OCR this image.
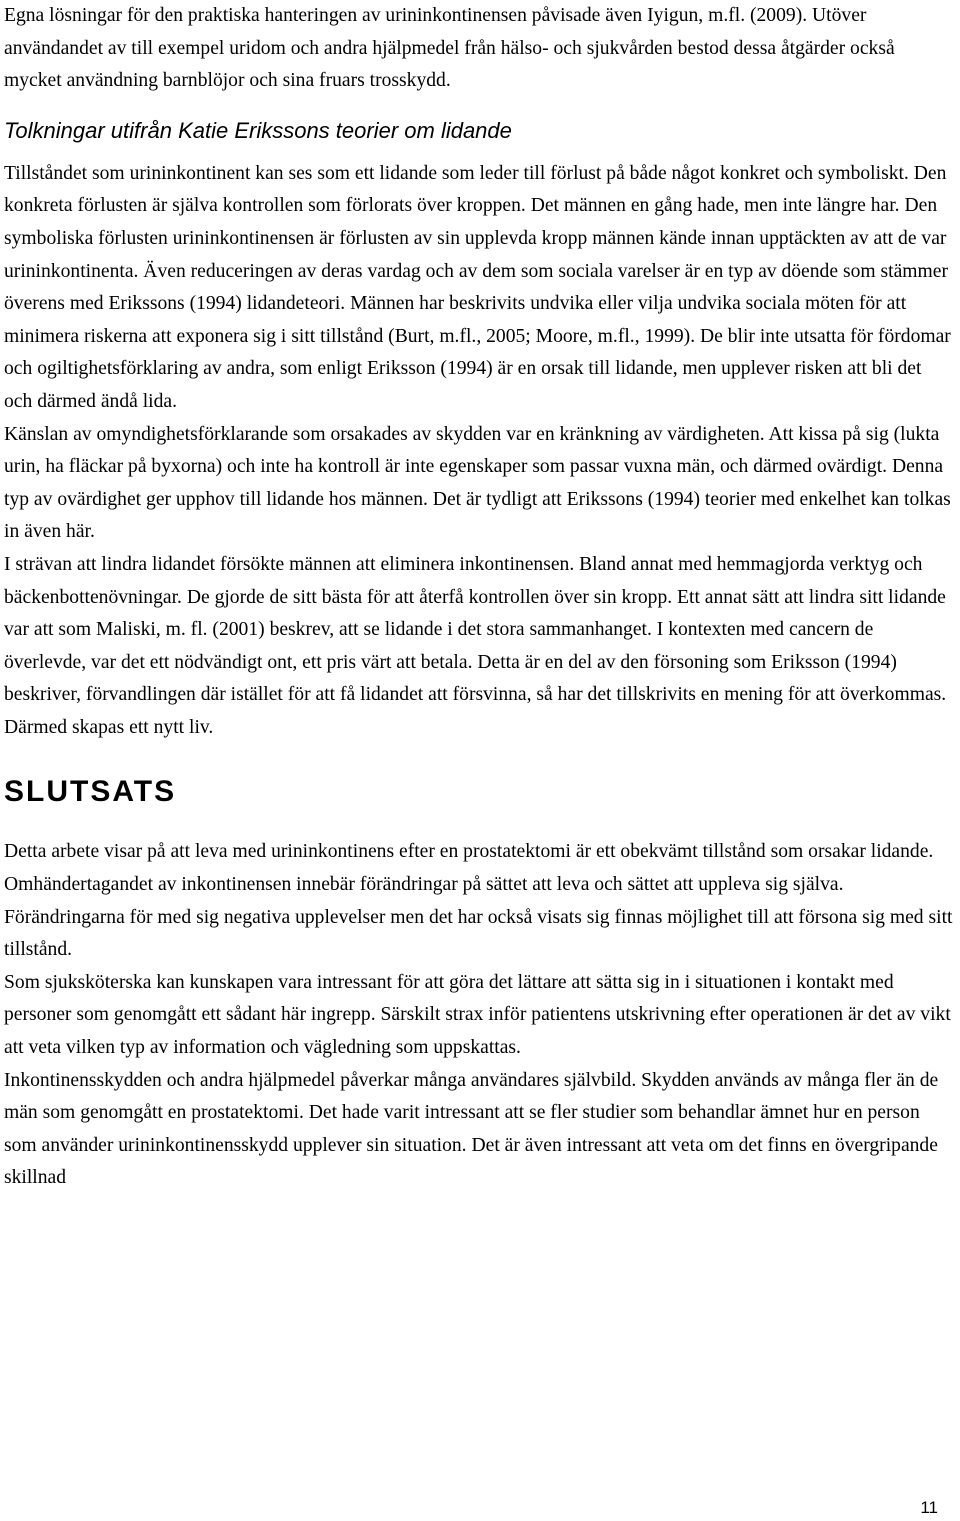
Egna lösningar för den praktiska hanteringen av urininkontinensen påvisade även Iyigun, m.fl. (2009). Utöver användandet av till exempel uridom och andra hjälpmedel från hälso- och sjukvården bestod dessa åtgärder också mycket användning barnblöjor och sina fruars trosskydd.

Tolkningar utifrån Katie Erikssons teorier om lidande

Tillståndet som urininkontinent kan ses som ett lidande som leder till förlust på både något konkret och symboliskt. Den konkreta förlusten är själva kontrollen som förlorats över kroppen. Det männen en gång hade, men inte längre har. Den symboliska förlusten urininkontinensen är förlusten av sin upplevda kropp männen kände innan upptäckten av att de var urininkontinenta. Även reduceringen av deras vardag och av dem som sociala varelser är en typ av döende som stämmer överens med Erikssons (1994) lidandeteori. Männen har beskrivits undvika eller vilja undvika sociala möten för att minimera riskerna att exponera sig i sitt tillstånd (Burt, m.fl., 2005; Moore, m.fl., 1999). De blir inte utsatta för fördomar och ogiltighetsförklaring av andra, som enligt Eriksson (1994) är en orsak till lidande, men upplever risken att bli det och därmed ändå lida.

Känslan av omyndighetsförklarande som orsakades av skydden var en kränkning av värdigheten. Att kissa på sig (lukta urin, ha fläckar på byxorna) och inte ha kontroll är inte egenskaper som passar vuxna män, och därmed ovärdigt. Denna typ av ovärdighet ger upphov till lidande hos männen. Det är tydligt att Erikssons (1994) teorier med enkelhet kan tolkas in även här.

I strävan att lindra lidandet försökte männen att eliminera inkontinensen. Bland annat med hemmagjorda verktyg och bäckenbottenövningar. De gjorde de sitt bästa för att återfå kontrollen över sin kropp. Ett annat sätt att lindra sitt lidande var att som Maliski, m. fl. (2001) beskrev, att se lidande i det stora sammanhanget. I kontexten med cancern de överlevde, var det ett nödvändigt ont, ett pris värt att betala. Detta är en del av den försoning som Eriksson (1994) beskriver, förvandlingen där istället för att få lidandet att försvinna, så har det tillskrivits en mening för att överkommas. Därmed skapas ett nytt liv.

SLUTSATS

Detta arbete visar på att leva med urininkontinens efter en prostatektomi är ett obekvämt tillstånd som orsakar lidande. Omhändertagandet av inkontinensen innebär förändringar på sättet att leva och sättet att uppleva sig själva. Förändringarna för med sig negativa upplevelser men det har också visats sig finnas möjlighet till att försona sig med sitt tillstånd.

Som sjuksköterska kan kunskapen vara intressant för att göra det lättare att sätta sig in i situationen i kontakt med personer som genomgått ett sådant här ingrepp. Särskilt strax inför patientens utskrivning efter operationen är det av vikt att veta vilken typ av information och vägledning som uppskattas.

Inkontinensskydden och andra hjälpmedel påverkar många användares självbild. Skydden används av många fler än de män som genomgått en prostatektomi. Det hade varit intressant att se fler studier som behandlar ämnet hur en person som använder urininkontinensskydd upplever sin situation. Det är även intressant att veta om det finns en övergripande skillnad

11
